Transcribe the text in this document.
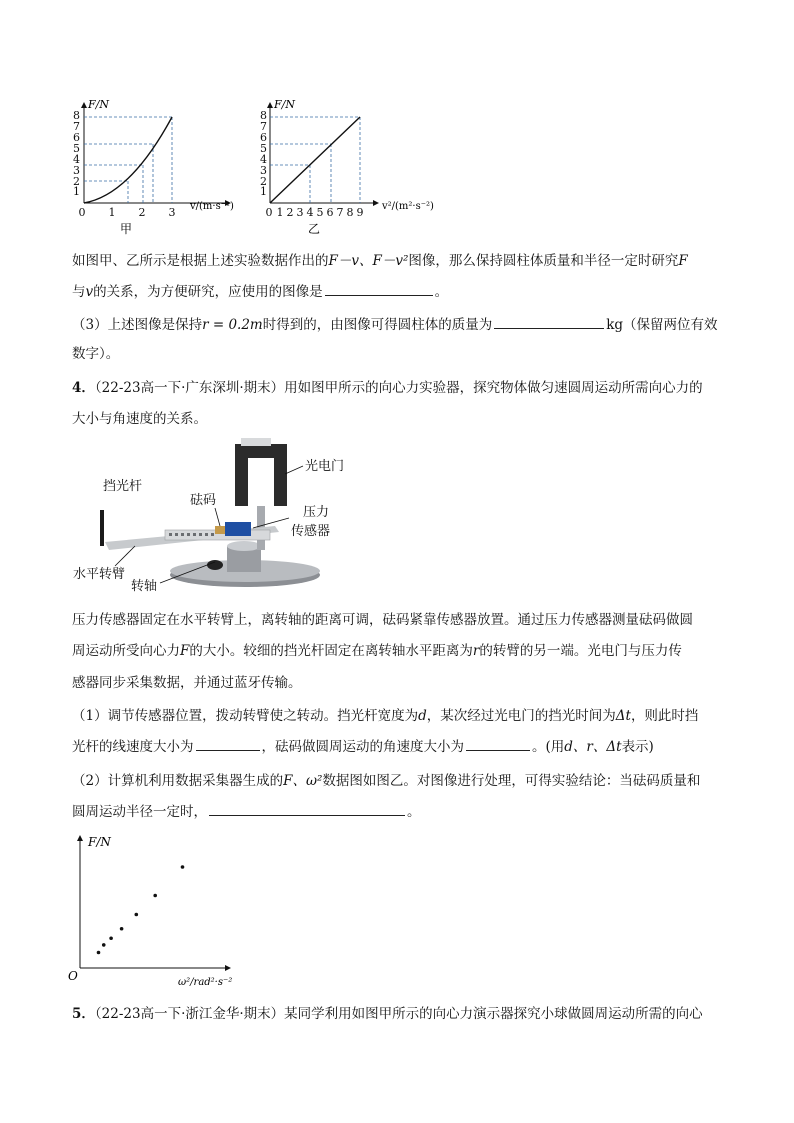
1
2
3
4
5
6
7
8
F/N
0 1 2 3 v/(m·s⁻¹)
甲
1
2
3
4
5
6
7
8
F/N
0 1 2 3 4 5 6 7 8 9 v²/(m²·s⁻²)
乙
如图甲、乙所示是根据上述实验数据作出的F－v、F－v²图像，那么保持圆柱体质量和半径一定时研究F
与v的关系，为方便研究，应使用的图像是	。
（3）上述图像是保持r = 0.2m时得到的，由图像可得圆柱体的质量为	kg（保留两位有效
数字）。
4．（22-23高一下·广东深圳·期末）用如图甲所示的向心力实验器，探究物体做匀速圆周运动所需向心力的
大小与角速度的关系。
挡光杆
砝码
光电门
压力
传感器
水平转臂
转轴
压力传感器固定在水平转臂上，离转轴的距离可调，砝码紧靠传感器放置。通过压力传感器测量砝码做圆
周运动所受向心力F的大小。较细的挡光杆固定在离转轴水平距离为r的转臂的另一端。光电门与压力传
感器同步采集数据，并通过蓝牙传输。
（1）调节传感器位置，拨动转臂使之转动。挡光杆宽度为d，某次经过光电门的挡光时间为Δt，则此时挡
光杆的线速度大小为	，砝码做圆周运动的角速度大小为	。(用d、r、Δt表示)
（2）计算机利用数据采集器生成的F、ω²数据图如图乙。对图像进行处理，可得实验结论：当砝码质量和
圆周运动半径一定时，	。
F/N
O	ω²/rad²·s⁻²
5．（22-23高一下·浙江金华·期末）某同学利用如图甲所示的向心力演示器探究小球做圆周运动所需的向心
